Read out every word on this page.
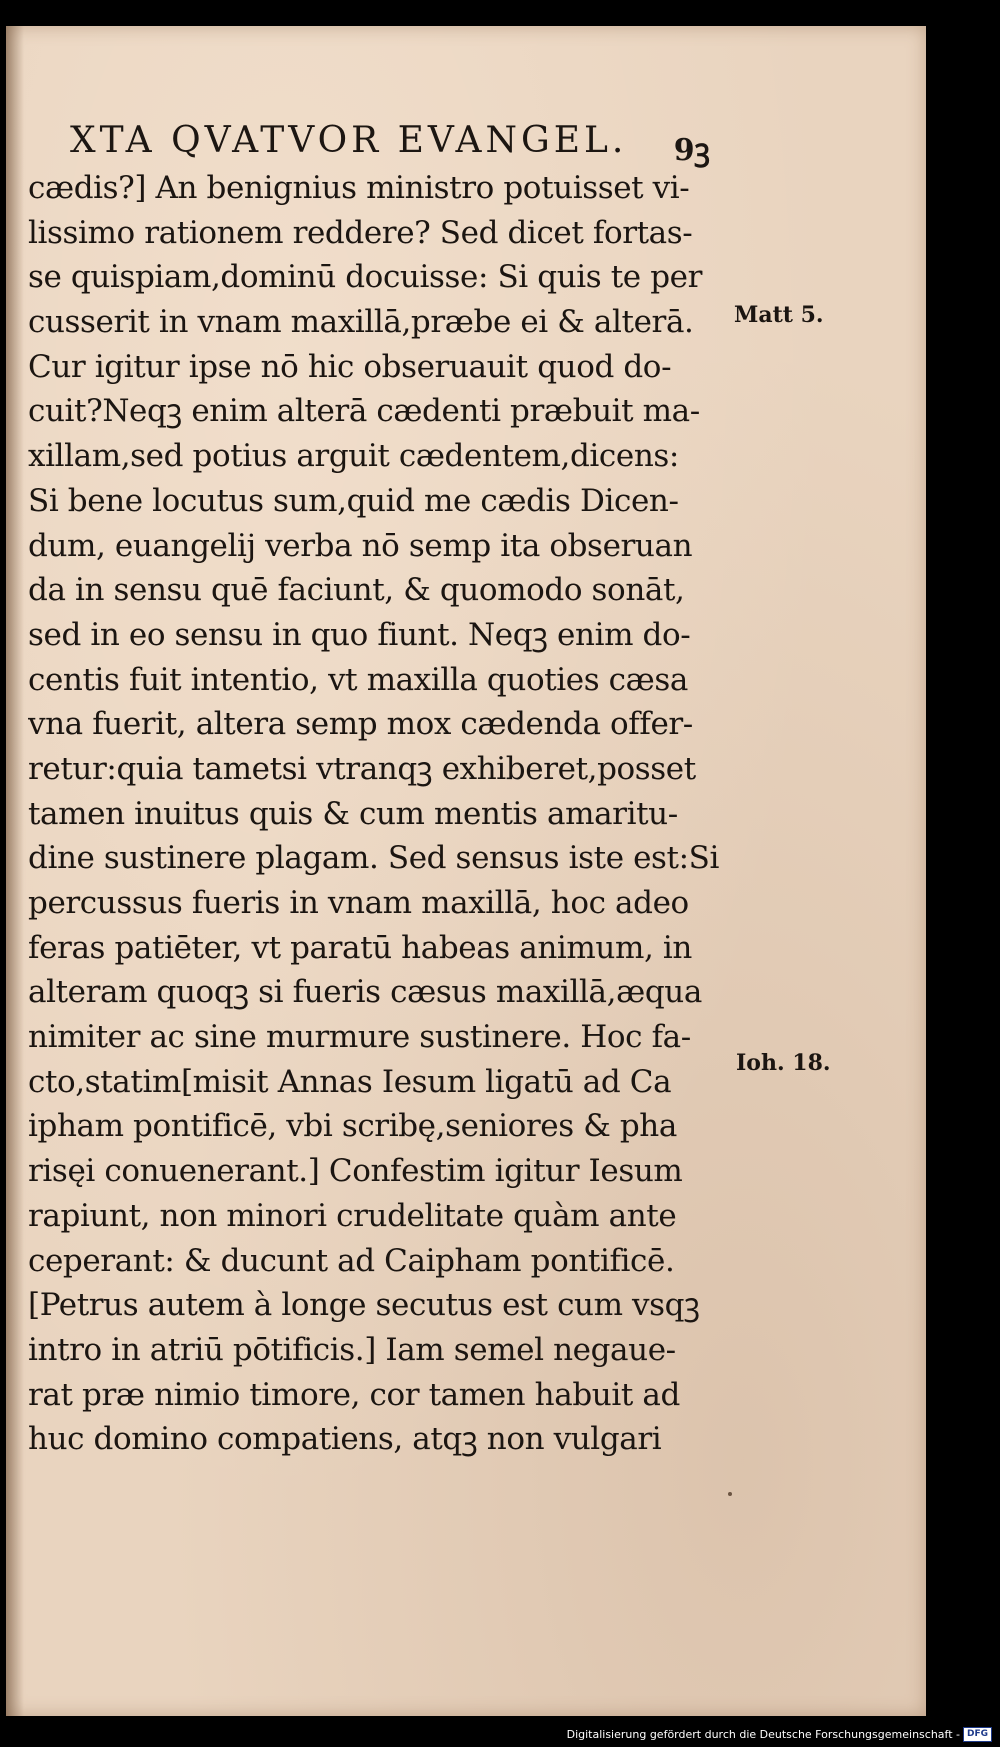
XTA QVATVOR EVANGEL. 9ꝫ
cædis?] An benignius ministro potuisset vi-
lissimo rationem reddere? Sed dicet fortas-
se quispiam,dominū docuisse: Si quis te per
cusserit in vnam maxillā,præbe ei & alterā.
Cur igitur ipse nō hic obseruauit quod do-
cuit?Neqꝫ enim alterā cædenti præbuit ma-
xillam,sed potius arguit cædentem,dicens:
Si bene locutus sum,quid me cædis Dicen-
dum, euangelij verba nō semp ita obseruan
da in sensu quē faciunt, & quomodo sonāt,
sed in eo sensu in quo fiunt. Neqꝫ enim do-
centis fuit intentio, vt maxilla quoties cæsa
vna fuerit, altera semp mox cædenda offer-
retur:quia tametsi vtranqꝫ exhiberet,posset
tamen inuitus quis & cum mentis amaritu-
dine sustinere plagam. Sed sensus iste est:Si
percussus fueris in vnam maxillā, hoc adeo
feras patiēter, vt paratū habeas animum, in
alteram quoqꝫ si fueris cæsus maxillā,æqua
nimiter ac sine murmure sustinere. Hoc fa-
cto,statim[misit Annas Iesum ligatū ad Ca
ipham pontificē, vbi scribę,seniores & pha
risęi conuenerant.] Confestim igitur Iesum
rapiunt, non minori crudelitate quàm ante
ceperant: & ducunt ad Caipham pontificē.
[Petrus autem à longe secutus est cum vsqꝫ
intro in atriū pōtificis.] Iam semel negaue-
rat præ nimio timore, cor tamen habuit ad
huc domino compatiens, atqꝫ non vulgari
Matt 5.
Ioh. 18.
Digitalisierung gefördert durch die Deutsche Forschungsgemeinschaft - DFG
